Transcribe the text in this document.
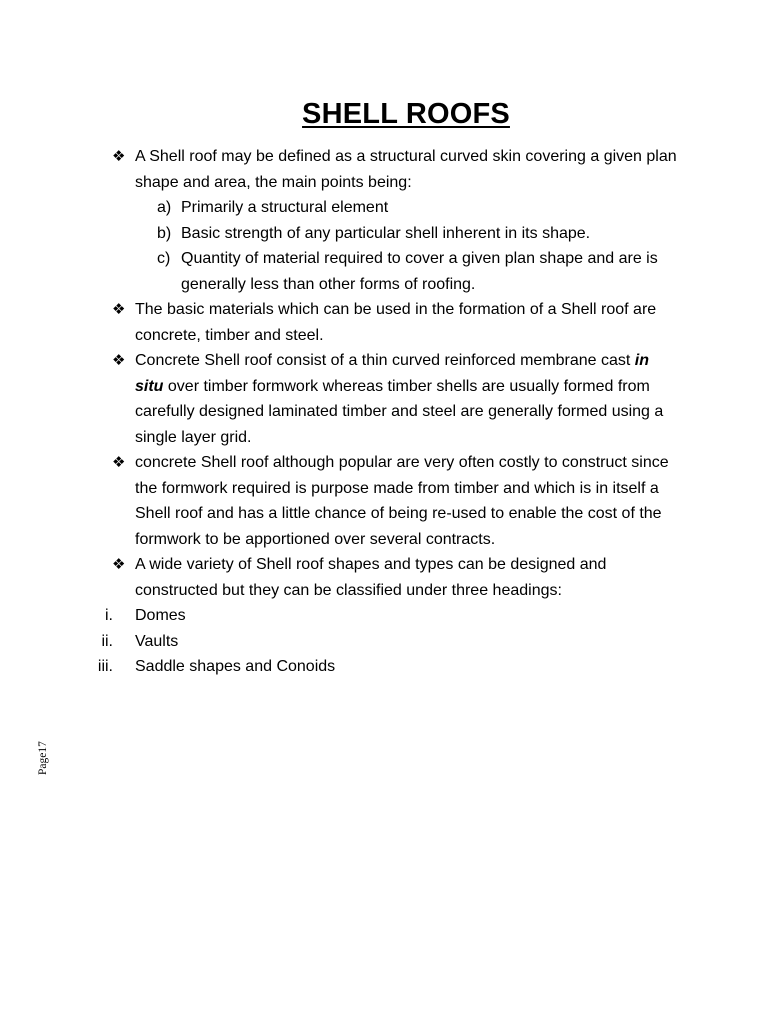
SHELL ROOFS
❖ A Shell roof may be defined as a structural curved skin covering a given plan shape and area, the main points being:
a) Primarily a structural element
b) Basic strength of any particular shell inherent in its shape.
c) Quantity of material required to cover a given plan shape and are is generally less than other forms of roofing.
❖ The basic materials which can be used in the formation of a Shell roof are concrete, timber and steel.
❖ Concrete Shell roof consist of a thin curved reinforced membrane cast in situ over timber formwork whereas timber shells are usually formed from carefully designed laminated timber and steel are generally formed using a single layer grid.
❖ concrete Shell roof although popular are very often costly to construct since the formwork required is purpose made from timber and which is in itself a Shell roof and has a little chance of being re-used to enable the cost of the formwork to be apportioned over several contracts.
❖ A wide variety of Shell roof shapes and types can be designed and constructed but they can be classified under three headings:
i. Domes
ii. Vaults
iii. Saddle shapes and Conoids
Page17
